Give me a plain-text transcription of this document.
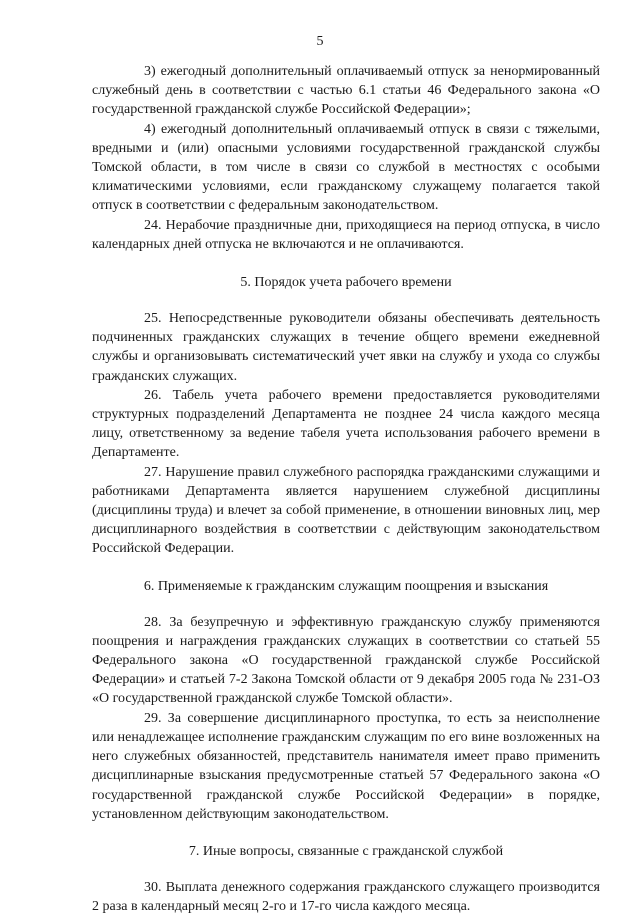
5

3) ежегодный дополнительный оплачиваемый отпуск за ненормированный служебный день в соответствии с частью 6.1 статьи 46 Федерального закона «О государственной гражданской службе Российской Федерации»;

4) ежегодный дополнительный оплачиваемый отпуск в связи с тяжелыми, вредными и (или) опасными условиями государственной гражданской службы Томской области, в том числе в связи со службой в местностях с особыми климатическими условиями, если гражданскому служащему полагается такой отпуск в соответствии с федеральным законодательством.

24. Нерабочие праздничные дни, приходящиеся на период отпуска, в число календарных дней отпуска не включаются и не оплачиваются.

5. Порядок учета рабочего времени

25. Непосредственные руководители обязаны обеспечивать деятельность подчиненных гражданских служащих в течение общего времени ежедневной службы и организовывать систематический учет явки на службу и ухода со службы гражданских служащих.

26. Табель учета рабочего времени предоставляется руководителями структурных подразделений Департамента не позднее 24 числа каждого месяца лицу, ответственному за ведение табеля учета использования рабочего времени в Департаменте.

27. Нарушение правил служебного распорядка гражданскими служащими и работниками Департамента является нарушением служебной дисциплины (дисциплины труда) и влечет за собой применение, в отношении виновных лиц, мер дисциплинарного воздействия в соответствии с действующим законодательством Российской Федерации.

6. Применяемые к гражданским служащим поощрения и взыскания

28. За безупречную и эффективную гражданскую службу применяются поощрения и награждения гражданских служащих в соответствии со статьей 55 Федерального закона «О государственной гражданской службе Российской Федерации» и статьей 7-2 Закона Томской области от 9 декабря 2005 года № 231-ОЗ «О государственной гражданской службе Томской области».

29. За совершение дисциплинарного проступка, то есть за неисполнение или ненадлежащее исполнение гражданским служащим по его вине возложенных на него служебных обязанностей, представитель нанимателя имеет право применить дисциплинарные взыскания предусмотренные статьей 57 Федерального закона «О государственной гражданской службе Российской Федерации» в порядке, установленном действующим законодательством.

7. Иные вопросы, связанные с гражданской службой

30. Выплата денежного содержания гражданского служащего производится 2 раза в календарный месяц 2-го и 17-го числа каждого месяца.
